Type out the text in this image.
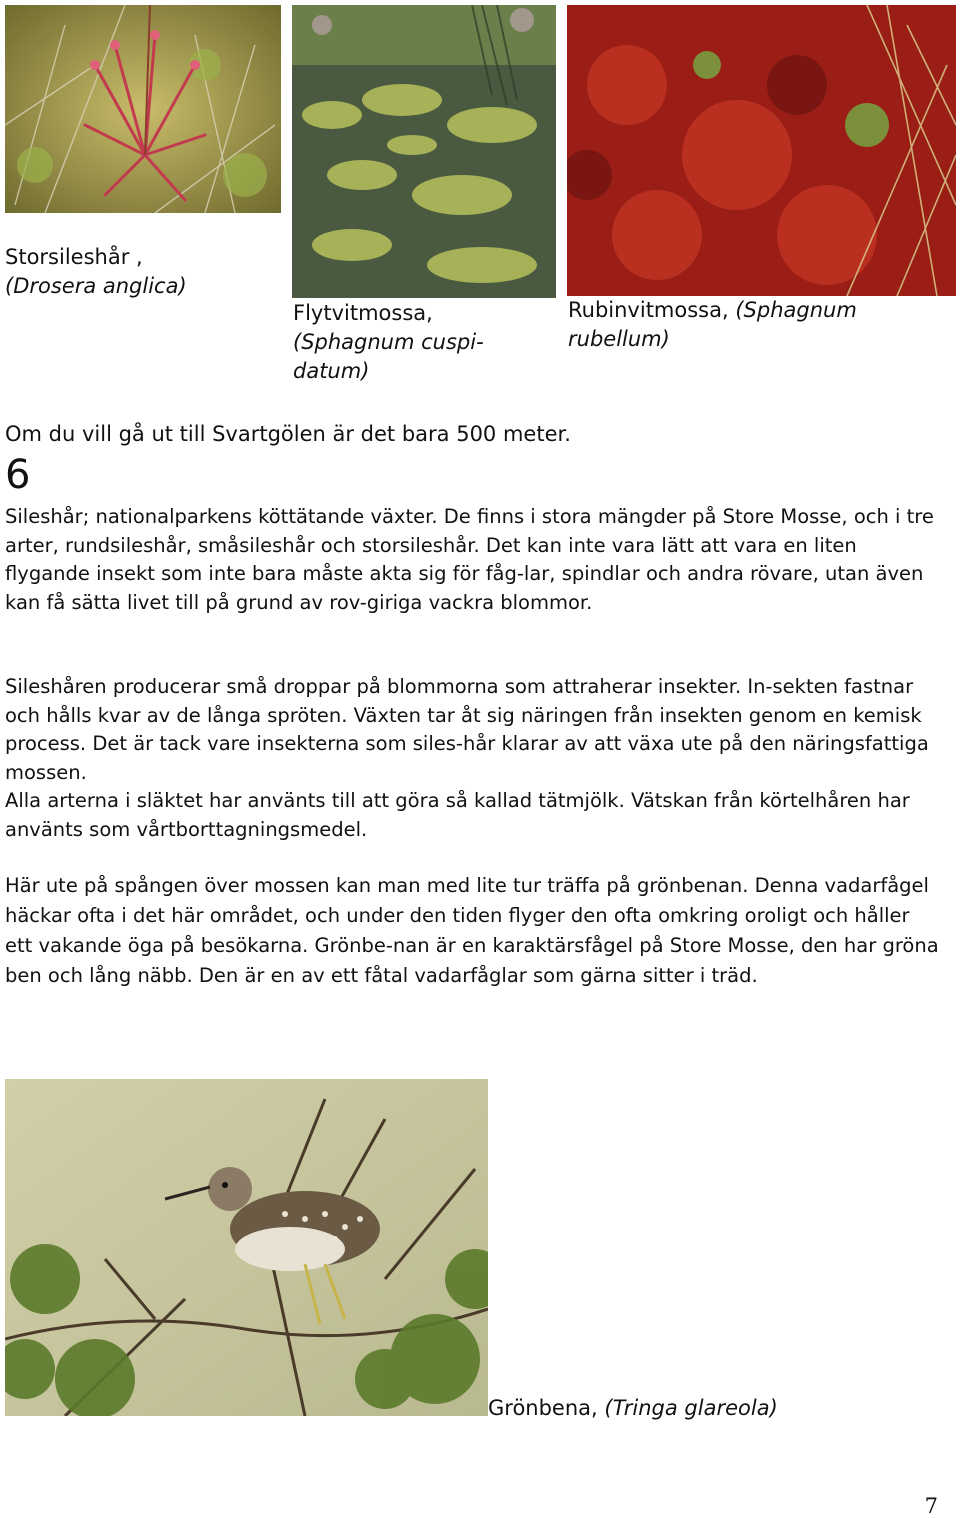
Storsileshår ,
(Drosera anglica)
Flytvitmossa,
(Sphagnum cuspi-
datum)
Rubinvitmossa, (Sphagnum
rubellum)
Om du vill gå ut till Svartgölen är det bara 500 meter.
6

Sileshår; nationalparkens köttätande växter. De finns i stora mängder på Store Mosse, och i tre arter, rundsileshår, småsileshår och storsileshår. Det kan inte vara lätt att vara en liten flygande insekt som inte bara måste akta sig för fåg-lar, spindlar och andra rövare, utan även kan få sätta livet till på grund av rov-giriga vackra blommor.

Sileshåren producerar små droppar på blommorna som attraherar insekter. In-sekten fastnar och hålls kvar av de långa spröten. Växten tar åt sig näringen från insekten genom en kemisk process. Det är tack vare insekterna som siles-hår klarar av att växa ute på den näringsfattiga mossen.

Alla arterna i släktet har använts till att göra så kallad tätmjölk. Vätskan från körtelhåren har använts som vårtborttagningsmedel.

Här ute på spången över mossen kan man med lite tur träffa på grönbenan. Denna vadarfågel häckar ofta i det här området, och under den tiden flyger den ofta omkring oroligt och håller ett vakande öga på besökarna. Grönbe-nan är en karaktärsfågel på Store Mosse, den har gröna ben och lång näbb. Den är en av ett fåtal vadarfåglar som gärna sitter i träd.

Grönbena, (Tringa glareola)
7
